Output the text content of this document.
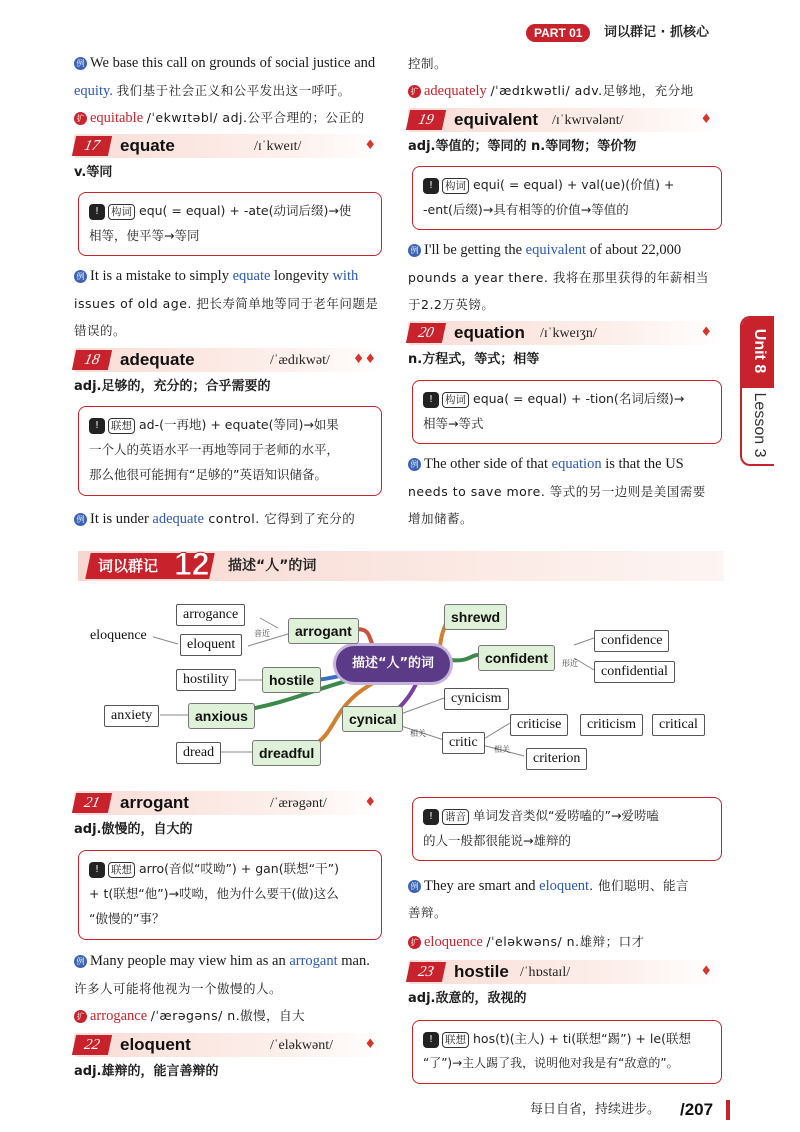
PART 01	词以群记 · 抓核心
例 We base this call on grounds of social justice and
equity. 我们基于社会正义和公平发出这一呼吁。
扩 equitable /ˈekwɪtəbl/ adj.公平合理的；公正的
17	equate	/ɪˈkweɪt/	♦
v.等同
! 构词 equ( = equal) + -ate(动词后缀)→使
相等，使平等→等同
例 It is a mistake to simply equate longevity with
issues of old age. 把长寿简单地等同于老年问题是
错误的。
18	adequate	/ˈædɪkwət/ ♦♦
adj.足够的，充分的；合乎需要的
! 联想 ad-(一再地) + equate(等同)→如果
一个人的英语水平一再地等同于老师的水平，
那么他很可能拥有“足够的”英语知识储备。
例 It is under adequate control. 它得到了充分的
控制。
扩 adequately /ˈædɪkwətli/ adv.足够地，充分地
19	equivalent /ɪˈkwɪvələnt/	♦
adj.等值的；等同的 n.等同物；等价物
! 构词 equi( = equal) + val(ue)(价值) +
-ent(后缀)→具有相等的价值→等值的
例 I'll be getting the equivalent of about 22,000
pounds a year there. 我将在那里获得的年薪相当
于2.2万英镑。
20	equation /ɪˈkweɪʒn/	♦
n.方程式，等式；相等
! 构词 equa( = equal) + -tion(名词后缀)→
相等→等式
例 The other side of that equation is that the US
needs to save more. 等式的另一边则是美国需要
增加储蓄。
Unit 8
Lesson 3
词以群记 12 描述“人”的词
描述“人”的词
arrogant
hostile
anxious
dreadful
cynical
shrewd
confident
arrogance
eloquent
eloquence
hostility
anxiety
dread
confidence
confidential
cynicism
critic
criticise	criticism	critical
criterion
音近
形近
相关
相关
21	arrogant	/ˈærəgənt/	♦
adj.傲慢的，自大的
! 联想 arro(音似“哎呦”) + gan(联想“干”)
+ t(联想“他”)→哎呦，他为什么要干(做)这么
“傲慢的”事？
例 Many people may view him as an arrogant man.
许多人可能将他视为一个傲慢的人。
扩 arrogance /ˈærəgəns/ n.傲慢，自大
22	eloquent	/ˈeləkwənt/ ♦
adj.雄辩的，能言善辩的
! 谐音 单词发音类似“爱唠嗑的”→爱唠嗑
的人一般都很能说→雄辩的
例 They are smart and eloquent. 他们聪明、能言
善辩。
扩 eloquence /ˈeləkwəns/ n.雄辩；口才
23	hostile /ˈhɒstaɪl/	♦
adj.敌意的，敌视的
! 联想 hos(t)(主人) + ti(联想“踢”) + le(联想
“了”)→主人踢了我，说明他对我是有“敌意的”。
每日自省，持续进步。 /207
